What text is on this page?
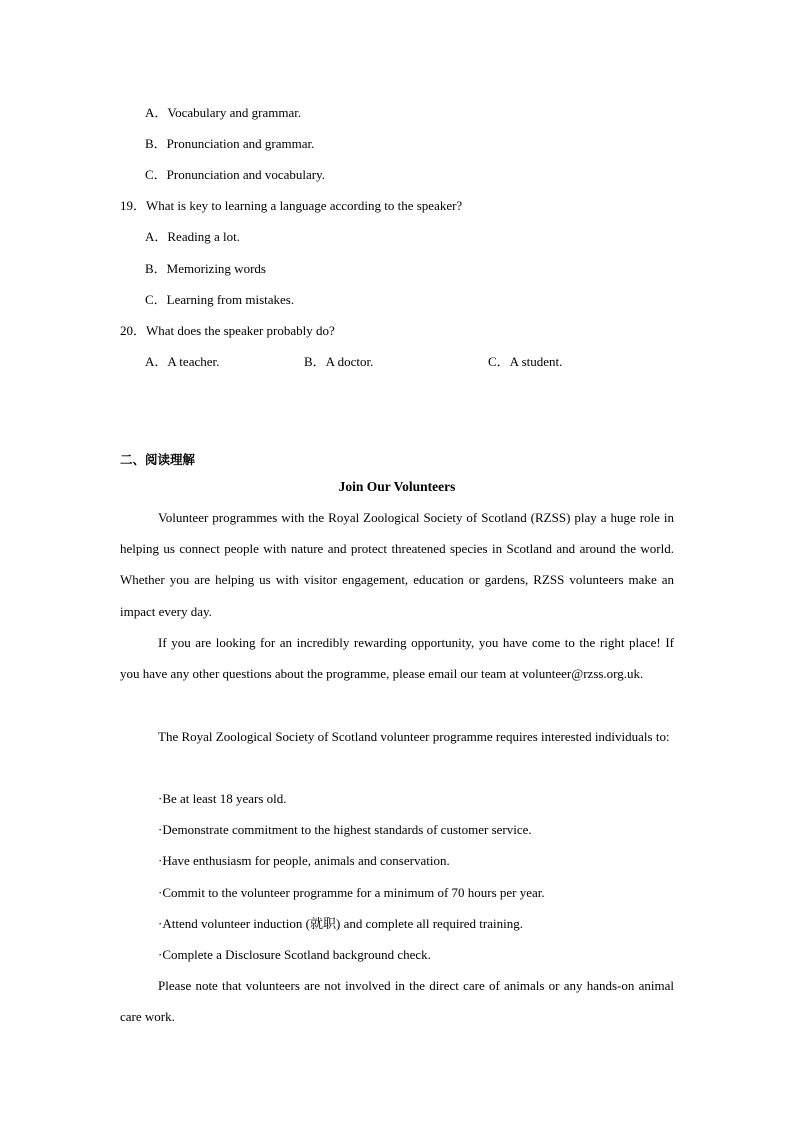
A．Vocabulary and grammar.
B．Pronunciation and grammar.
C．Pronunciation and vocabulary.
19．What is key to learning a language according to the speaker?
A．Reading a lot.
B．Memorizing words
C．Learning from mistakes.
20．What does the speaker probably do?
A．A teacher.	B．A doctor.	C．A student.
二、阅读理解
Join Our Volunteers
Volunteer programmes with the Royal Zoological Society of Scotland (RZSS) play a huge role in helping us connect people with nature and protect threatened species in Scotland and around the world. Whether you are helping us with visitor engagement, education or gardens, RZSS volunteers make an impact every day.
If you are looking for an incredibly rewarding opportunity, you have come to the right place! If you have any other questions about the programme, please email our team at volunteer@rzss.org.uk.
The Royal Zoological Society of Scotland volunteer programme requires interested individuals to:
·Be at least 18 years old.
·Demonstrate commitment to the highest standards of customer service.
·Have enthusiasm for people, animals and conservation.
·Commit to the volunteer programme for a minimum of 70 hours per year.
·Attend volunteer induction (就职) and complete all required training.
·Complete a Disclosure Scotland background check.
Please note that volunteers are not involved in the direct care of animals or any hands-on animal care work.
